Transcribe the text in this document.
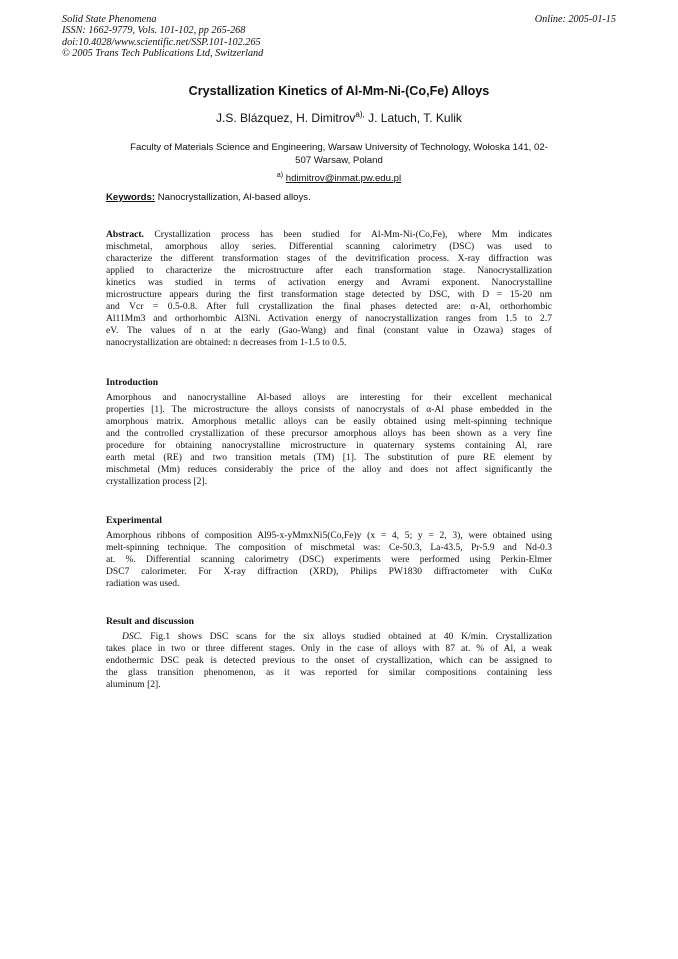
Solid State Phenomena
ISSN: 1662-9779, Vols. 101-102, pp 265-268
doi:10.4028/www.scientific.net/SSP.101-102.265
© 2005 Trans Tech Publications Ltd, Switzerland
Online: 2005-01-15
Crystallization Kinetics of Al-Mm-Ni-(Co,Fe) Alloys
J.S. Blázquez, H. Dimitrov$^{a),}$ J. Latuch, T. Kulik
Faculty of Materials Science and Engineering, Warsaw University of Technology, Wołoska 141, 02-
507 Warsaw, Poland
$^{a)}$ hdimitrov@inmat.pw.edu.pl
Keywords: Nanocrystallization, Al-based alloys.
Abstract. Crystallization process has been studied for Al-Mm-Ni-(Co,Fe), where Mm indicates
mischmetal, amorphous alloy series. Differential scanning calorimetry (DSC) was used to
characterize the different transformation stages of the devitrification process. X-ray diffraction was
applied to characterize the microstructure after each transformation stage. Nanocrystallization
kinetics was studied in terms of activation energy and Avrami exponent. Nanocrystalline
microstructure appears during the first transformation stage detected by DSC, with D = 15-20 nm
and Vcr = 0.5-0.8. After full crystallization the final phases detected are: α-Al, orthorhombic
Al11Mm3 and orthorhombic Al3Ni. Activation energy of nanocrystallization ranges from 1.5 to 2.7
eV. The values of n at the early (Gao-Wang) and final (constant value in Ozawa) stages of
nanocrystallization are obtained: n decreases from 1-1.5 to 0.5.
Introduction
Amorphous and nanocrystalline Al-based alloys are interesting for their excellent mechanical
properties [1]. The microstructure the alloys consists of nanocrystals of α-Al phase embedded in the
amorphous matrix. Amorphous metallic alloys can be easily obtained using melt-spinning technique
and the controlled crystallization of these precursor amorphous alloys has been shown as a very fine
procedure for obtaining nanocrystalline microstructure in quaternary systems containing Al, rare
earth metal (RE) and two transition metals (TM) [1]. The substitution of pure RE element by
mischmetal (Mm) reduces considerably the price of the alloy and does not affect significantly the
crystallization process [2].
Experimental
Amorphous ribbons of composition Al95-x-yMmxNi5(Co,Fe)y (x = 4, 5; y = 2, 3), were obtained using
melt-spinning technique. The composition of mischmetal was: Ce-50.3, La-43.5, Pr-5.9 and Nd-0.3
at. %. Differential scanning calorimetry (DSC) experiments were performed using Perkin-Elmer
DSC7 calorimeter. For X-ray diffraction (XRD), Philips PW1830 diffractometer with CuKα
radiation was used.
Result and discussion
DSC. Fig.1 shows DSC scans for the six alloys studied obtained at 40 K/min. Crystallization
takes place in two or three different stages. Only in the case of alloys with 87 at. % of Al, a weak
endothermic DSC peak is detected previous to the onset of crystallization, which can be assigned to
the glass transition phenomenon, as it was reported for similar compositions containing less
aluminum [2].
